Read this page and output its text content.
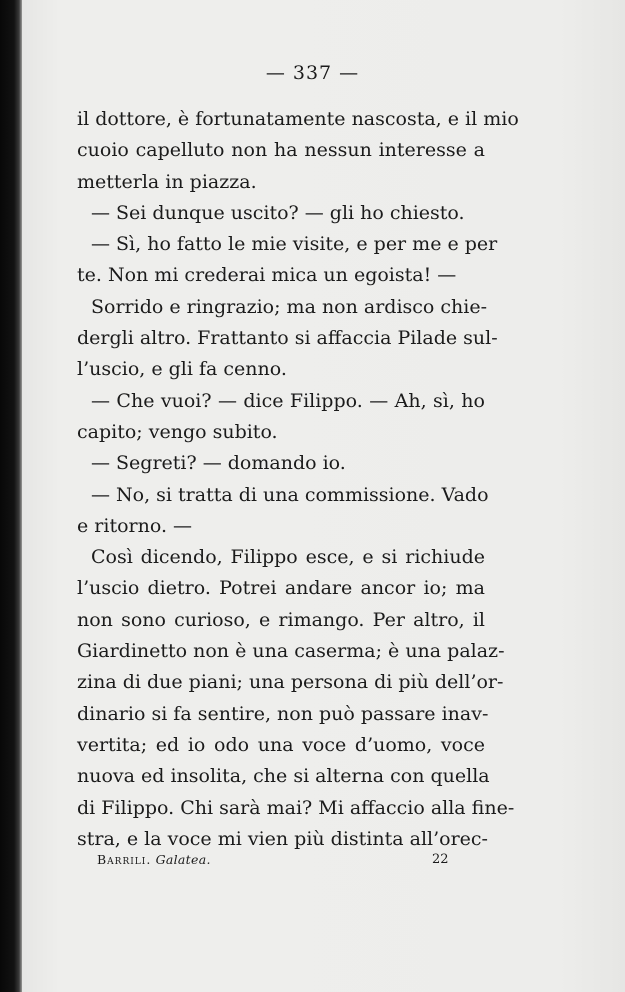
— 337 —
il dottore, è fortunatamente nascosta, e il mio
cuoio capelluto non ha nessun interesse a
metterla in piazza.
— Sei dunque uscito? — gli ho chiesto.
— Sì, ho fatto le mie visite, e per me e per
te. Non mi crederai mica un egoista! —
Sorrido e ringrazio; ma non ardisco chie-
dergli altro. Frattanto si affaccia Pilade sul-
l’uscio, e gli fa cenno.
— Che vuoi? — dice Filippo. — Ah, sì, ho
capito; vengo subito.
— Segreti? — domando io.
— No, si tratta di una commissione. Vado
e ritorno. —
Così dicendo, Filippo esce, e si richiude
l’uscio dietro. Potrei andare ancor io; ma
non sono curioso, e rimango. Per altro, il
Giardinetto non è una caserma; è una palaz-
zina di due piani; una persona di più dell’or-
dinario si fa sentire, non può passare inav-
vertita; ed io odo una voce d’uomo, voce
nuova ed insolita, che si alterna con quella
di Filippo. Chi sarà mai? Mi affaccio alla fine-
stra, e la voce mi vien più distinta all’orec-
Barrili. Galatea.	22
